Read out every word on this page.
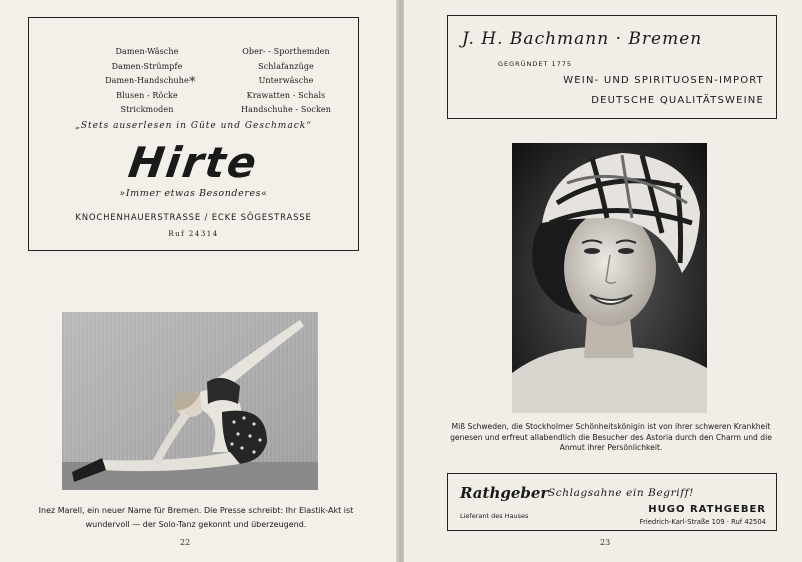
Damen-Wäsche
Damen-Strümpfe
Damen-Handschuhe
Blusen - Röcke
Strickmoden
*
Ober- - Sporthemden
Schlafanzüge
Unterwäsche
Krawatten - Schals
Handschuhe - Socken
„Stets auserlesen in Güte und Geschmack“
Hirte
»Immer etwas Besonderes«
KNOCHENHAUERSTRASSE / ECKE SÖGESTRASSE
Ruf 24314
Inez Marell, ein neuer Name für Bremen. Die Presse schreibt: Ihr Elastik-Akt ist wundervoll — der Solo-Tanz gekonnt und überzeugend.
22
J. H. Bachmann · Bremen
GEGRÜNDET 1775
WEIN- UND SPIRITUOSEN-IMPORT
DEUTSCHE QUALITÄTSWEINE
Miß Schweden, die Stockholmer Schönheitskönigin ist von ihrer schweren Krankheit genesen und erfreut allabendlich die Besucher des Astoria durch den Charm und die Anmut ihrer Persönlichkeit.
Rathgeber Schlagsahne ein Begriff!
Lieferant des Hauses
HUGO RATHGEBER
Friedrich-Karl-Straße 109 · Ruf 42504
23
